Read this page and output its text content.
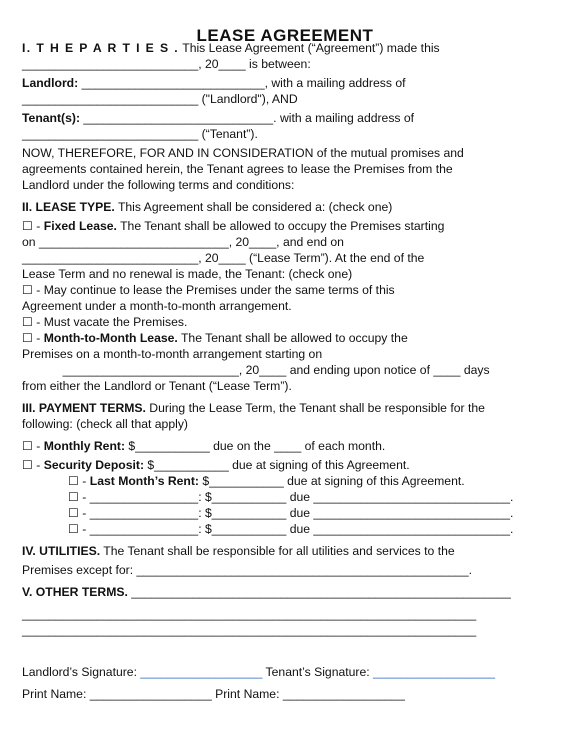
LEASE AGREEMENT
I. T H E P A R T I E S . This Lease Agreement (“Agreement”) made this
__________________________, 20____ is between:
Landlord: ___________________________, with a mailing address of
__________________________ ("Landlord"), AND
Tenant(s): ____________________________. with a mailing address of
__________________________ (“Tenant”).
NOW, THEREFORE, FOR AND IN CONSIDERATION of the mutual promises and
agreements contained herein, the Tenant agrees to lease the Premises from the
Landlord under the following terms and conditions:
II. LEASE TYPE. This Agreement shall be considered a: (check one)
☐ - Fixed Lease. The Tenant shall be allowed to occupy the Premises starting
on ____________________________, 20____, and end on
__________________________, 20____ (“Lease Term”). At the end of the
Lease Term and no renewal is made, the Tenant: (check one)
☐ - May continue to lease the Premises under the same terms of this
Agreement under a month-to-month arrangement.
☐ - Must vacate the Premises.
☐ - Month-to-Month Lease. The Tenant shall be allowed to occupy the
Premises on a month-to-month arrangement starting on
__________________________, 20____ and ending upon notice of ____ days
from either the Landlord or Tenant (“Lease Term”).
III. PAYMENT TERMS. During the Lease Term, the Tenant shall be responsible for the
following: (check all that apply)
☐ - Monthly Rent: $___________ due on the ____ of each month.
☐ - Security Deposit: $___________ due at signing of this Agreement.
☐ - Last Month’s Rent: $___________ due at signing of this Agreement.
☐ - ________________: $___________ due _____________________________.
☐ - ________________: $___________ due _____________________________.
☐ - ________________: $___________ due _____________________________.
IV. UTILITIES. The Tenant shall be responsible for all utilities and services to the
Premises except for: _________________________________________________.
V. OTHER TERMS. ________________________________________________________
___________________________________________________________________
___________________________________________________________________
Landlord’s Signature: __________________ Tenant’s Signature: __________________
Print Name: __________________ Print Name: __________________
